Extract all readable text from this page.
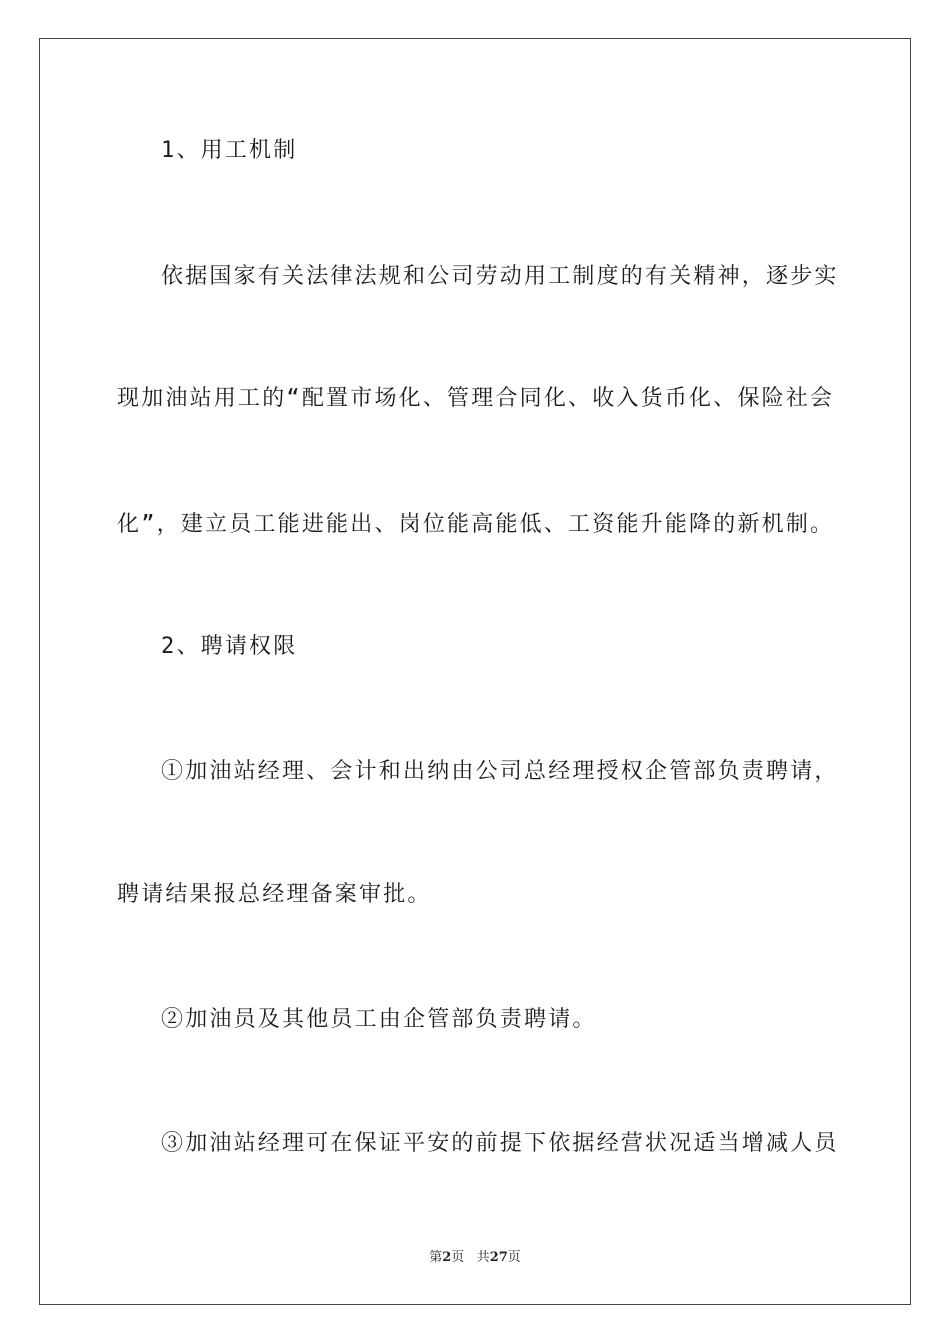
1、用工机制
依据国家有关法律法规和公司劳动用工制度的有关精神，逐步实
现加油站用工的“配置市场化、管理合同化、收入货币化、保险社会
化”，建立员工能进能出、岗位能高能低、工资能升能降的新机制。
2、聘请权限
①加油站经理、会计和出纳由公司总经理授权企管部负责聘请，
聘请结果报总经理备案审批。
②加油员及其他员工由企管部负责聘请。
③加油站经理可在保证平安的前提下依据经营状况适当增减人员
第2页 共27页
